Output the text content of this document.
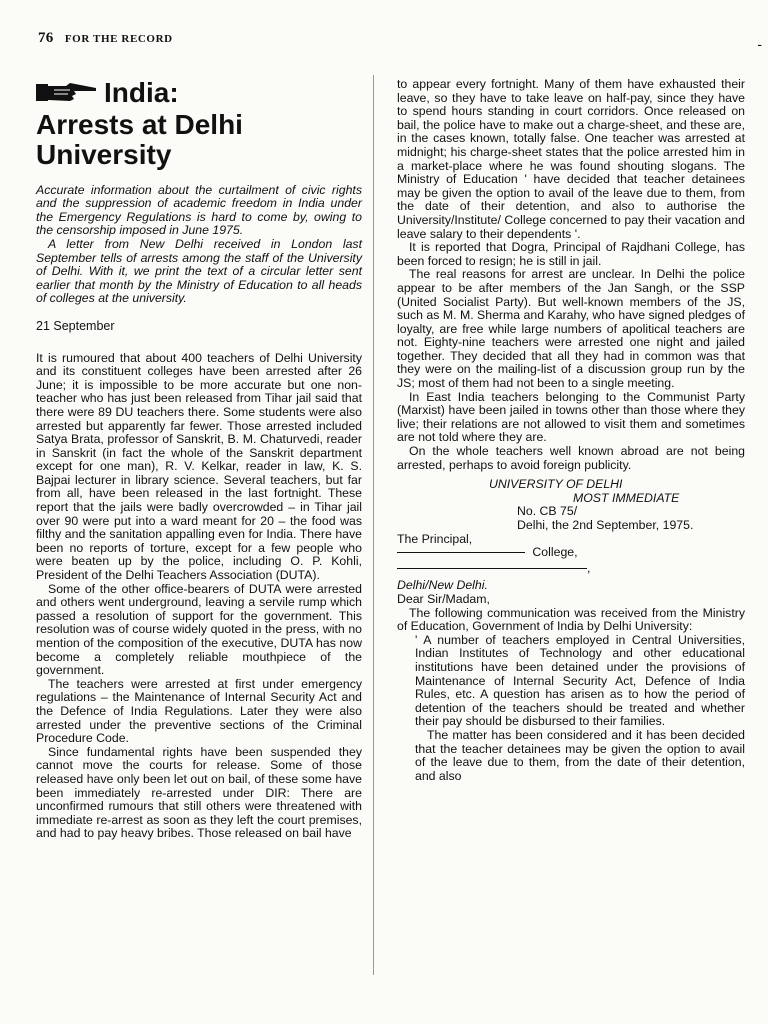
76 FOR THE RECORD	-
India:
Arrests at Delhi
University

Accurate information about the curtailment of civic rights and the suppression of academic freedom in India under the Emergency Regulations is hard to come by, owing to the censorship imposed in June 1975.

A letter from New Delhi received in London last September tells of arrests among the staff of the University of Delhi. With it, we print the text of a circular letter sent earlier that month by the Ministry of Education to all heads of colleges at the university.

21 September

It is rumoured that about 400 teachers of Delhi University and its constituent colleges have been arrested after 26 June; it is impossible to be more accurate but one non-teacher who has just been released from Tihar jail said that there were 89 DU teachers there. Some students were also arrested but apparently far fewer. Those arrested included Satya Brata, professor of Sanskrit, B. M. Chaturvedi, reader in Sanskrit (in fact the whole of the Sanskrit department except for one man), R. V. Kelkar, reader in law, K. S. Bajpai lecturer in library science. Several teachers, but far from all, have been released in the last fortnight. These report that the jails were badly overcrowded – in Tihar jail over 90 were put into a ward meant for 20 – the food was filthy and the sanitation appalling even for India. There have been no reports of torture, except for a few people who were beaten up by the police, including O. P. Kohli, President of the Delhi Teachers Association (DUTA).

Some of the other office-bearers of DUTA were arrested and others went underground, leaving a servile rump which passed a resolution of support for the government. This resolution was of course widely quoted in the press, with no mention of the composition of the executive, DUTA has now become a completely reliable mouthpiece of the government.

The teachers were arrested at first under emergency regulations – the Maintenance of Internal Security Act and the Defence of India Regulations. Later they were also arrested under the preventive sections of the Criminal Procedure Code.

Since fundamental rights have been suspended they cannot move the courts for release. Some of those released have only been let out on bail, of these some have been immediately re-arrested under DIR: There are unconfirmed rumours that still others were threatened with immediate re-arrest as soon as they left the court premises, and had to pay heavy bribes. Those released on bail have

to appear every fortnight. Many of them have exhausted their leave, so they have to take leave on half-pay, since they have to spend hours standing in court corridors. Once released on bail, the police have to make out a charge-sheet, and these are, in the cases known, totally false. One teacher was arrested at midnight; his charge-sheet states that the police arrested him in a market-place where he was found shouting slogans. The Ministry of Education ' have decided that teacher detainees may be given the option to avail of the leave due to them, from the date of their detention, and also to authorise the University/Institute/ College concerned to pay their vacation and leave salary to their dependents '.

It is reported that Dogra, Principal of Rajdhani College, has been forced to resign; he is still in jail.

The real reasons for arrest are unclear. In Delhi the police appear to be after members of the Jan Sangh, or the SSP (United Socialist Party). But well-known members of the JS, such as M. M. Sherma and Karahy, who have signed pledges of loyalty, are free while large numbers of apolitical teachers are not. Eighty-nine teachers were arrested one night and jailed together. They decided that all they had in common was that they were on the mailing-list of a discussion group run by the JS; most of them had not been to a single meeting.

In East India teachers belonging to the Communist Party (Marxist) have been jailed in towns other than those where they live; their relations are not allowed to visit them and sometimes are not told where they are.

On the whole teachers well known abroad are not being arrested, perhaps to avoid foreign publicity.

UNIVERSITY OF DELHI
MOST IMMEDIATE
No. CB 75/
Delhi, the 2nd September, 1975.
The Principal,
College,
,
Delhi/New Delhi.
Dear Sir/Madam,

The following communication was received from the Ministry of Education, Government of India by Delhi University:

' A number of teachers employed in Central Universities, Indian Institutes of Technology and other educational institutions have been detained under the provisions of Maintenance of Internal Security Act, Defence of India Rules, etc. A question has arisen as to how the period of detention of the teachers should be treated and whether their pay should be disbursed to their families.

The matter has been considered and it has been decided that the teacher detainees may be given the option to avail of the leave due to them, from the date of their detention, and also
